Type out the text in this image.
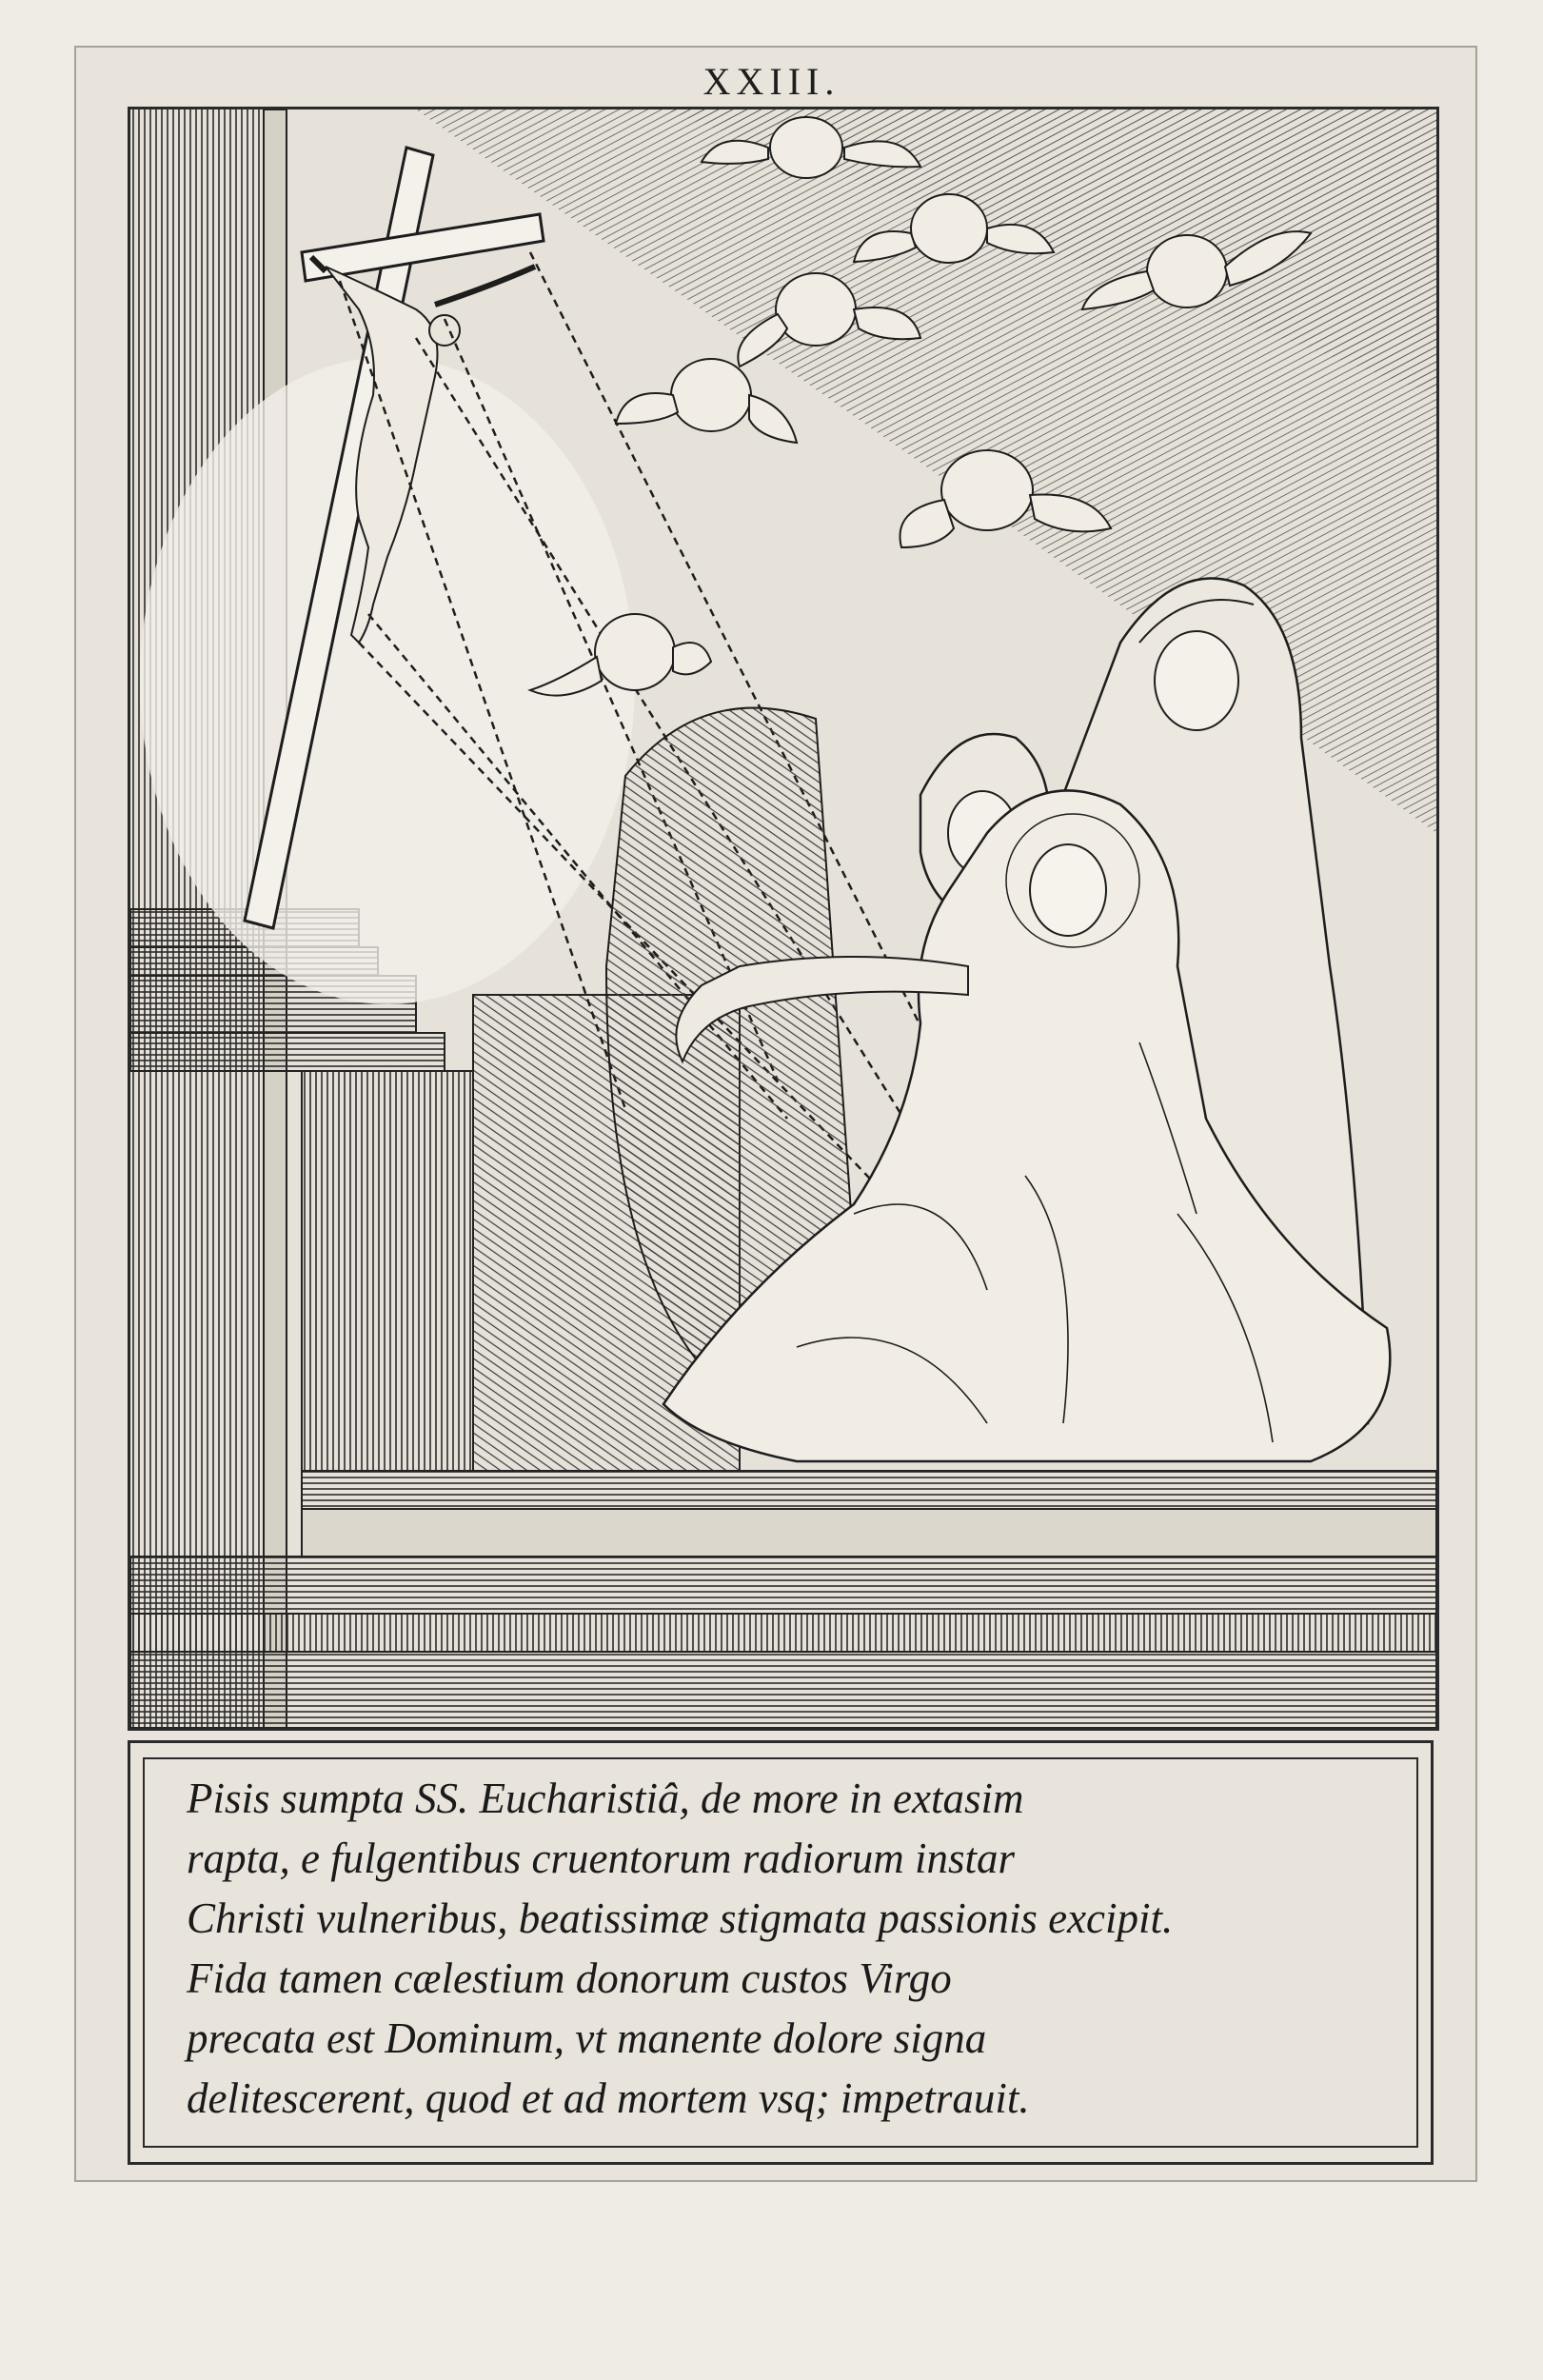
XXIII.
Pisis sumpta SS. Eucharistiâ, de more in extasim
rapta, e fulgentibus cruentorum radiorum instar
Christi vulneribus, beatissimæ stigmata passionis excipit.
Fida tamen cælestium donorum custos Virgo
precata est Dominum, vt manente dolore signa
delitescerent, quod et ad mortem vsq; impetrauit.
